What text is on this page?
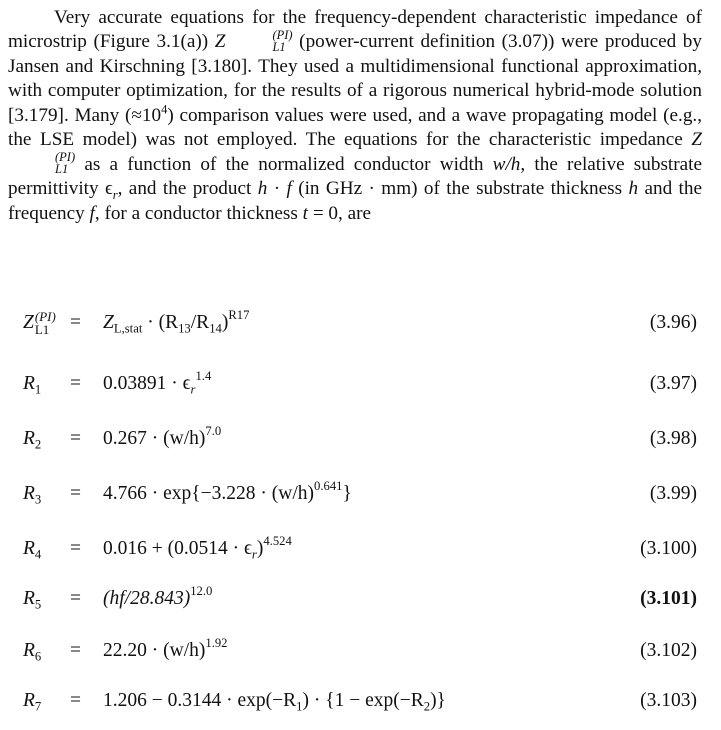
Very accurate equations for the frequency-dependent characteristic impedance of microstrip (Figure 3.1(a)) Z	(PI)
L1 (power-current definition (3.07)) were produced by Jansen and Kirschning [3.180]. They used a multidimensional functional approximation, with computer optimization, for the results of a rigorous numerical hybrid-mode solution [3.179]. Many $(\approx 10^4)$ comparison values were used, and a wave propagating model (e.g., the LSE model) was not employed. The equations for the characteristic impedance Z
(PI)
L1 as a function of the normalized conductor width w/h, the relative substrate permittivity $\epsilon_r$, and the product h · f (in GHz · mm) of the substrate thickness h and the frequency f, for a conductor thickness t = 0, are

Z (PI)
L1	= $Z_{L,stat} \cdot (R_{13}/R_{14})^{R17}$	(3.96)
$R_1 = 0.03891 \cdot \epsilon_r^{1.4}$	(3.97)
$R_2 = 0.267 \cdot (w/h)^{7.0}$	(3.98)
$R_3 = 4.766 \cdot \exp\{-3.228 \cdot (w/h)^{0.641}\}$	(3.99)
$R_4 = 0.016 + (0.0514 \cdot \epsilon_r)^{4.524}$	(3.100)
$R_5 = (hf/28.843)^{12.0}$	(3.101)
$R_6 = 22.20 \cdot (w/h)^{1.92}$	(3.102)
$R_7 = 1.206 - 0.3144 \cdot \exp(-R_1) \cdot \{1 - \exp(-R_2)\}$	(3.103)
